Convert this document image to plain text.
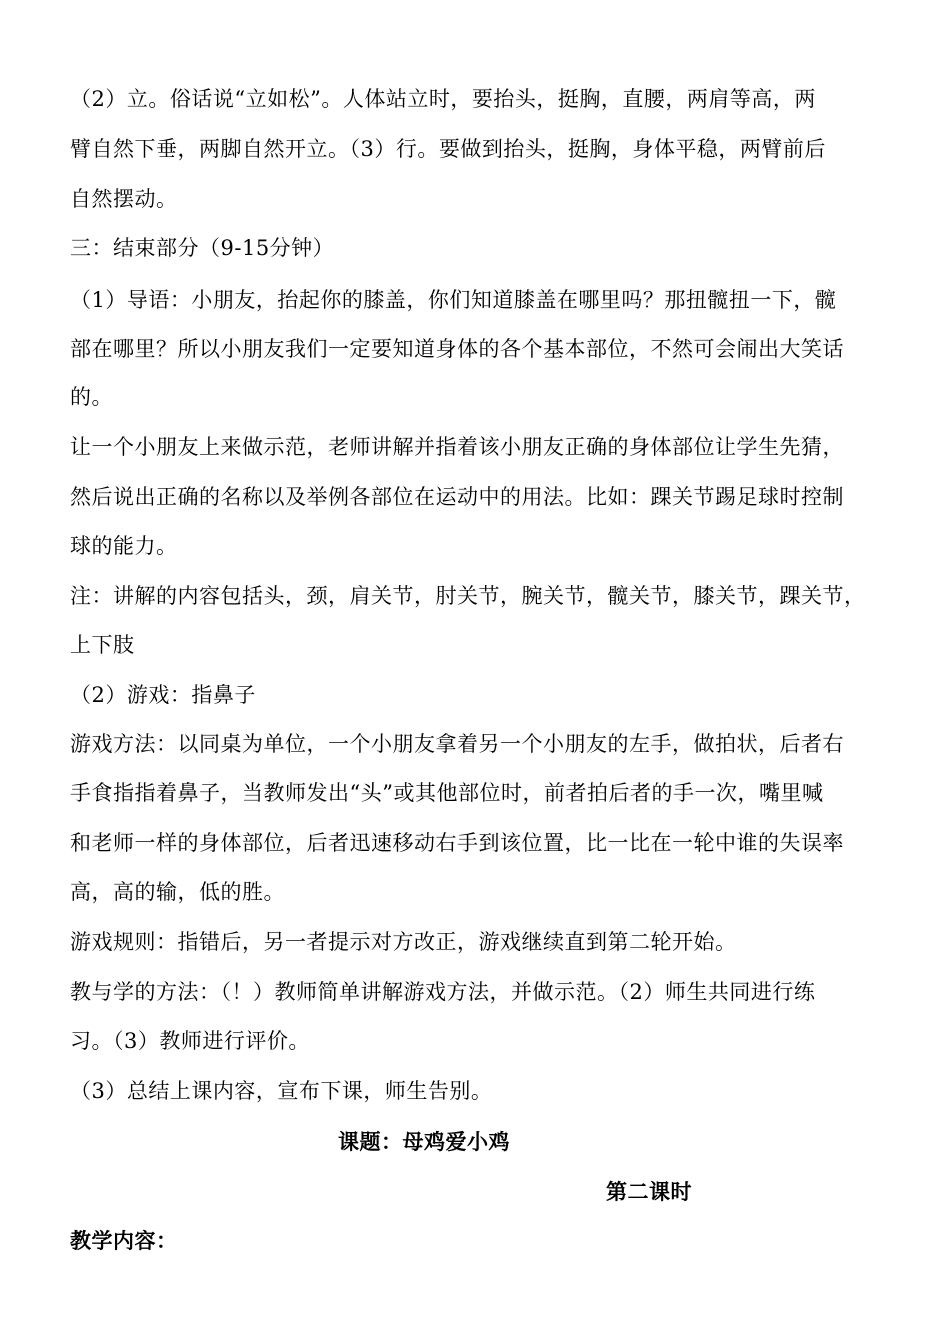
（2）立。俗话说“立如松”。人体站立时，要抬头，挺胸，直腰，两肩等高，两
臂自然下垂，两脚自然开立。（3）行。要做到抬头，挺胸，身体平稳，两臂前后
自然摆动。
三：结束部分（9-15分钟）
（1）导语：小朋友，抬起你的膝盖，你们知道膝盖在哪里吗？那扭髋扭一下，髋
部在哪里？所以小朋友我们一定要知道身体的各个基本部位，不然可会闹出大笑话
的。
让一个小朋友上来做示范，老师讲解并指着该小朋友正确的身体部位让学生先猜，
然后说出正确的名称以及举例各部位在运动中的用法。比如：踝关节踢足球时控制
球的能力。
注：讲解的内容包括头，颈，肩关节，肘关节，腕关节，髋关节，膝关节，踝关节，
上下肢
（2）游戏：指鼻子
游戏方法：以同桌为单位，一个小朋友拿着另一个小朋友的左手，做拍状，后者右
手食指指着鼻子，当教师发出“头”或其他部位时，前者拍后者的手一次，嘴里喊
和老师一样的身体部位，后者迅速移动右手到该位置，比一比在一轮中谁的失误率
高，高的输，低的胜。
游戏规则：指错后，另一者提示对方改正，游戏继续直到第二轮开始。
教与学的方法：（！）教师简单讲解游戏方法，并做示范。（2）师生共同进行练
习。（3）教师进行评价。
（3）总结上课内容，宣布下课，师生告别。
课题：母鸡爱小鸡
第二课时
教学内容：
